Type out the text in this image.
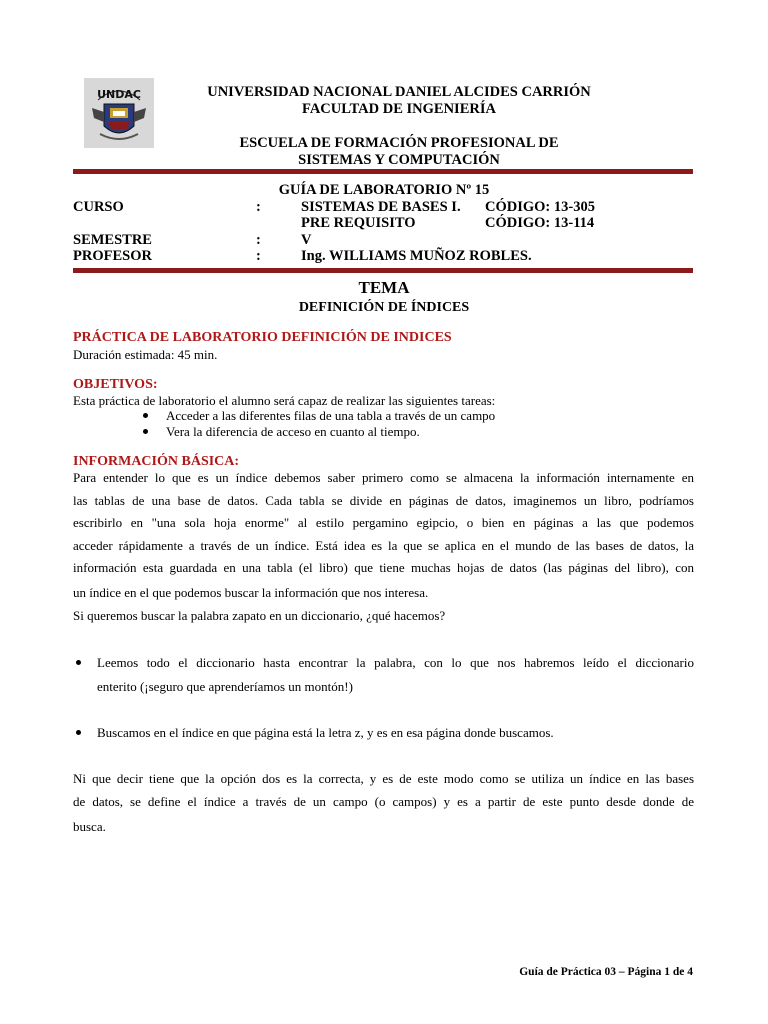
UNDAC	UNIVERSIDAD NACIONAL DANIEL ALCIDES CARRIÓN
FACULTAD DE INGENIERÍA
ESCUELA DE FORMACIÓN PROFESIONAL DE
SISTEMAS Y COMPUTACIÓN
GUÍA DE LABORATORIO Nº 15
CURSO	:	SISTEMAS DE BASES I. CÓDIGO: 13-305
PRE REQUISITO	CÓDIGO: 13-114
SEMESTRE	:	V
PROFESOR	:	Ing. WILLIAMS MUÑOZ ROBLES.
TEMA
DEFINICIÓN DE ÍNDICES
PRÁCTICA DE LABORATORIO DEFINICIÓN DE INDICES
Duración estimada: 45 min.
OBJETIVOS:
Esta práctica de laboratorio el alumno será capaz de realizar las siguientes tareas:
Acceder a las diferentes filas de una tabla a través de un campo
Vera la diferencia de acceso en cuanto al tiempo.
INFORMACIÓN BÁSICA:
Para entender lo que es un índice debemos saber primero como se almacena la información internamente en
las tablas de una base de datos. Cada tabla se divide en páginas de datos, imaginemos un libro, podríamos
escribirlo en "una sola hoja enorme" al estilo pergamino egipcio, o bien en páginas a las que podemos
acceder rápidamente a través de un índice. Está idea es la que se aplica en el mundo de las bases de datos, la
información esta guardada en una tabla (el libro) que tiene muchas hojas de datos (las páginas del libro), con
un índice en el que podemos buscar la información que nos interesa.
Si queremos buscar la palabra zapato en un diccionario, ¿qué hacemos?
Leemos todo el diccionario hasta encontrar la palabra, con lo que nos habremos leído el diccionario
enterito (¡seguro que aprenderíamos un montón!)
Buscamos en el índice en que página está la letra z, y es en esa página donde buscamos.
Ni que decir tiene que la opción dos es la correcta, y es de este modo como se utiliza un índice en las bases
de datos, se define el índice a través de un campo (o campos) y es a partir de este punto desde donde de
busca.
Guía de Práctica 03 – Página 1 de 4
